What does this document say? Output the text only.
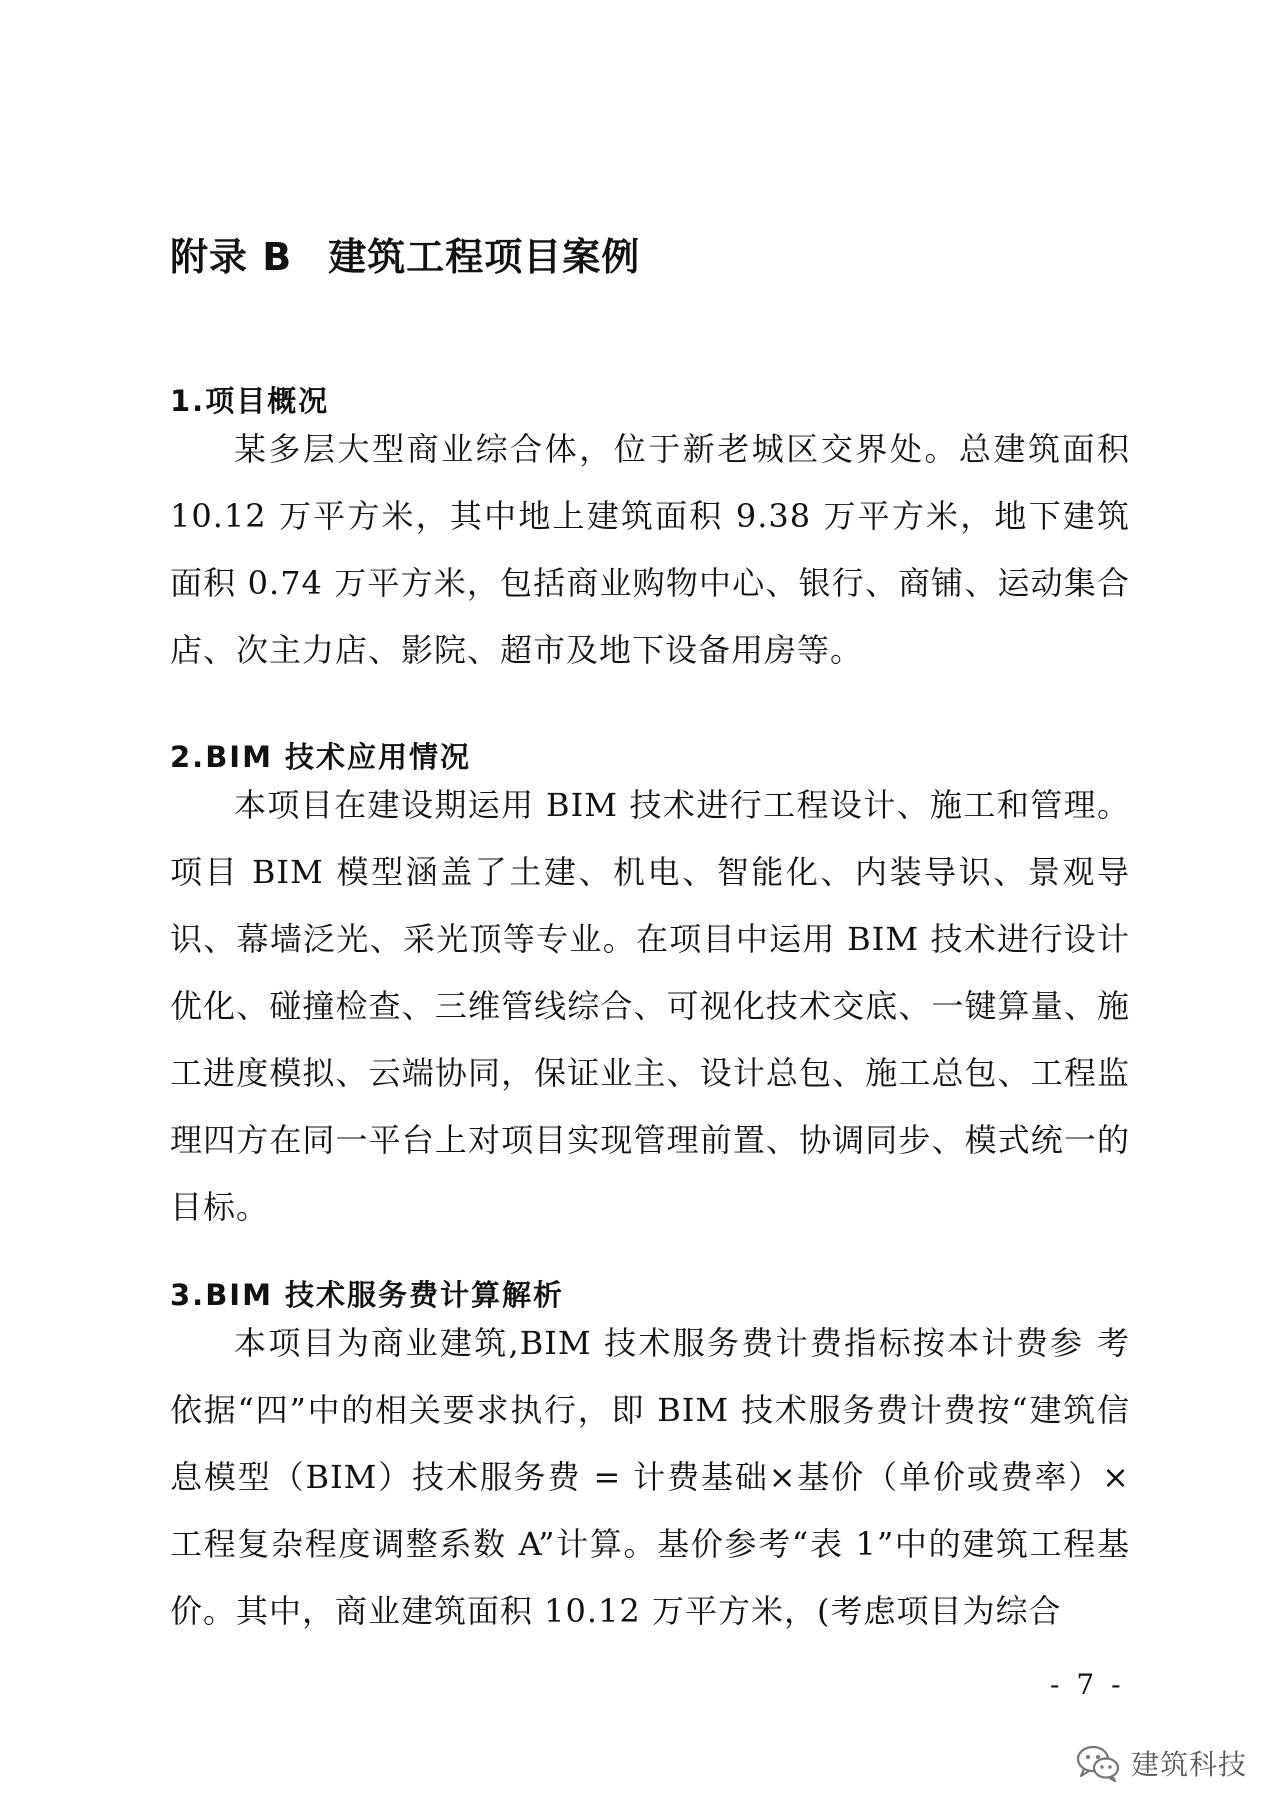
附录 B 建筑工程项目案例
1.项目概况

某多层大型商业综合体，位于新老城区交界处。总建筑面积 10.12 万平方米，其中地上建筑面积 9.38 万平方米，地下建筑面积 0.74 万平方米，包括商业购物中心、银行、商铺、运动集合店、次主力店、影院、超市及地下设备用房等。

2.BIM 技术应用情况

本项目在建设期运用 BIM 技术进行工程设计、施工和管理。项目 BIM 模型涵盖了土建、机电、智能化、内装导识、景观导识、幕墙泛光、采光顶等专业。在项目中运用 BIM 技术进行设计优化、碰撞检查、三维管线综合、可视化技术交底、一键算量、施工进度模拟、云端协同，保证业主、设计总包、施工总包、工程监理四方在同一平台上对项目实现管理前置、协调同步、模式统一的目标。

3.BIM 技术服务费计算解析

本项目为商业建筑,BIM 技术服务费计费指标按本计费参 考依据“四”中的相关要求执行，即 BIM 技术服务费计费按“建筑信息模型（BIM）技术服务费 = 计费基础×基价（单价或费率）×工程复杂程度调整系数 A”计算。基价参考“表 1”中的建筑工程基价。其中，商业建筑面积 10.12 万平方米，(考虑项目为综合

- 7 -
建筑科技
